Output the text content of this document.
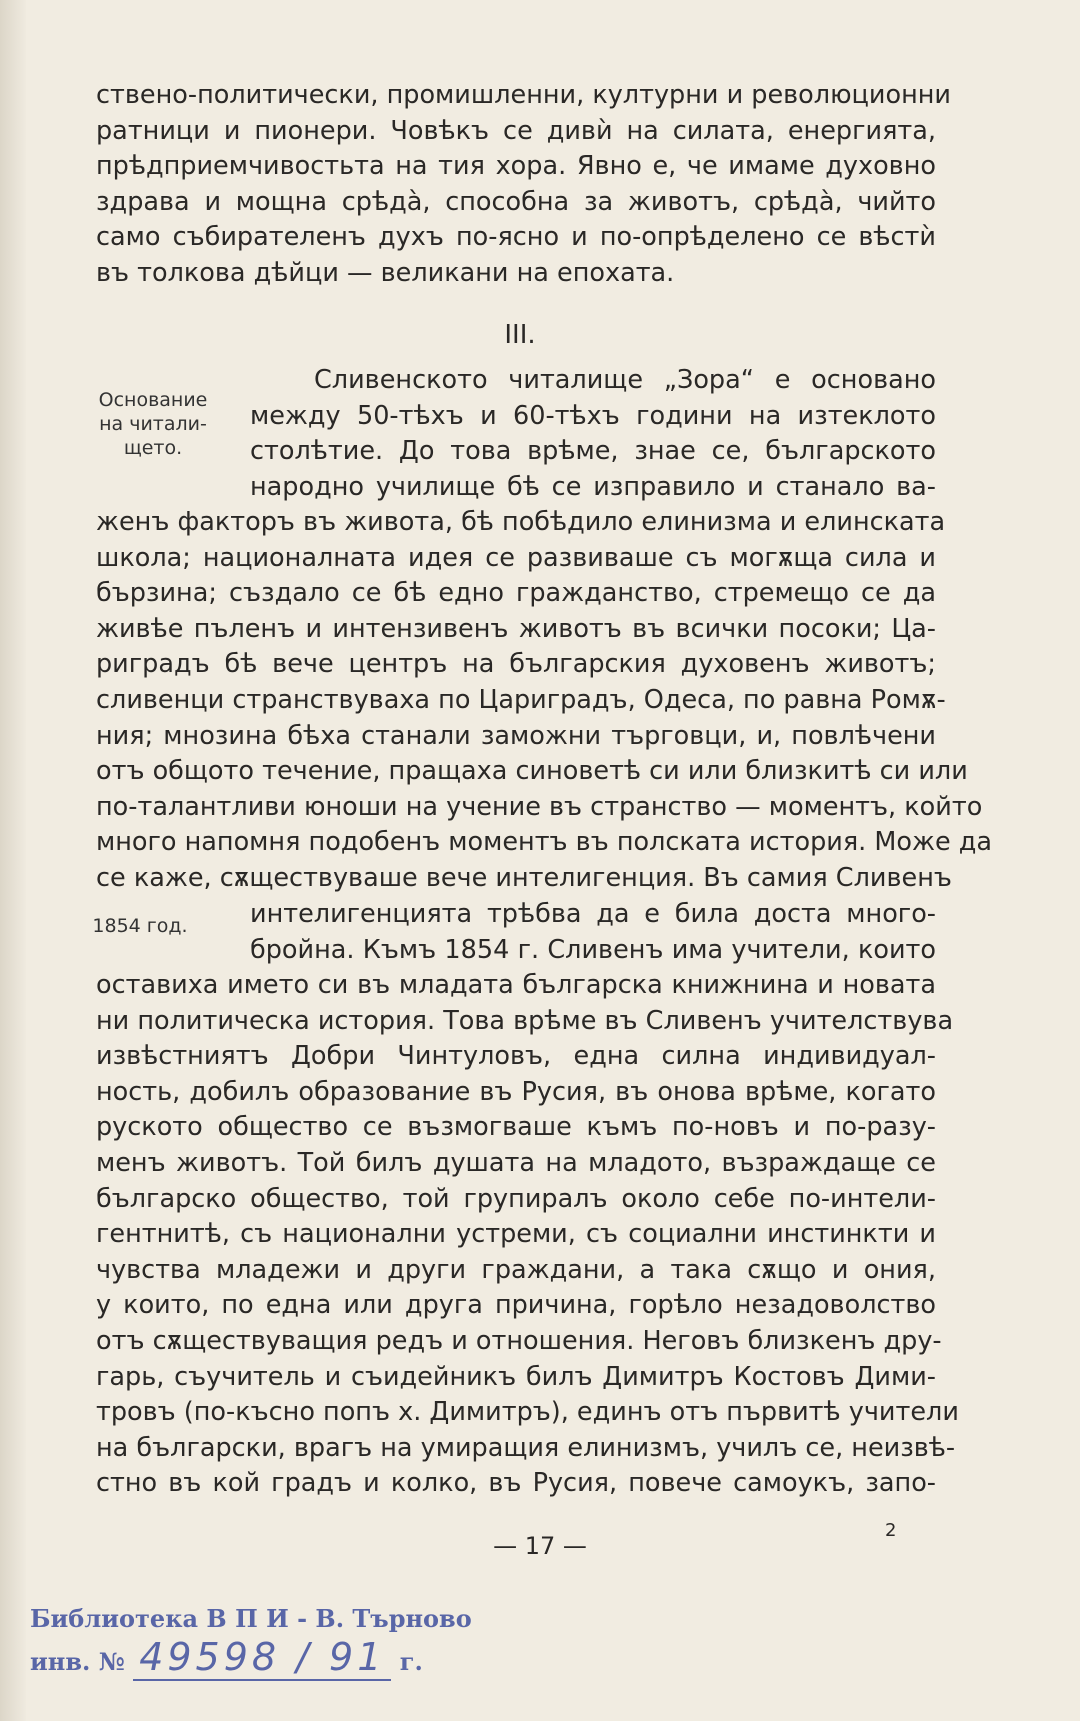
ствено-политически, промишленни, културни и революционни
ратници и пионери. Човѣкъ се дивѝ на силата, енергията,
прѣдприемчивостьта на тия хора. Явно е, че имаме духовно
здрава и мощна срѣдà, способна за животъ, срѣдà, чийто
само събирателенъ духъ по-ясно и по-опрѣделено се вѣстѝ
въ толкова дѣйци — великани на епохата.
III.
Основание
на читали-
щето.
Сливенското читалище „Зора“ е основано
между 50-тѣхъ и 60-тѣхъ години на изтеклото
столѣтие. До това врѣме, знае се, българското
народно училище бѣ се изправило и станало ва-
женъ факторъ въ живота, бѣ побѣдило елинизма и елинската
школа; националната идея се развиваше съ могѫща сила и
бързина; създало се бѣ едно гражданство, стремещо се да
живѣе пъленъ и интензивенъ животъ въ всички посоки; Ца-
риградъ бѣ вече центръ на българския духовенъ животъ;
сливенци странствуваха по Цариградъ, Одеса, по равна Ромѫ-
ния; мнозина бѣха станали заможни търговци, и, повлѣчени
отъ общото течение, пращаха синоветѣ си или близкитѣ си или
по-талантливи юноши на учение въ странство — моментъ, който
много напомня подобенъ моментъ въ полската история. Може да
се каже, сѫществуваше вече интелигенция. Въ самия Сливенъ
1854 год.	интелигенцията трѣбва да е била доста много-
бройна. Къмъ 1854 г. Сливенъ има учители, които
оставиха името си въ младата българска книжнина и новата
ни политическа история. Това врѣме въ Сливенъ учителствува
извѣстниятъ Добри Чинтуловъ, една силна индивидуал-
ность, добилъ образование въ Русия, въ онова врѣме, когато
руското общество се възмогваше къмъ по-новъ и по-разу-
менъ животъ. Той билъ душата на младото, възраждаще се
българско общество, той групиралъ около себе по-интели-
гентнитѣ, съ национални устреми, съ социални инстинкти и
чувства младежи и други граждани, а така сѫщо и ония,
у които, по една или друга причина, горѣло незадоволство
отъ сѫществуващия редъ и отношения. Неговъ близкенъ дру-
гарь, съучитель и съидейникъ билъ Димитръ Костовъ Дими-
тровъ (по-късно попъ х. Димитръ), единъ отъ първитѣ учители
на български, врагъ на умиращия елинизмъ, училъ се, неизвѣ-
стно въ кой градъ и колко, въ Русия, повече самоукъ, запо-
— 17 —
2
Библиотека В П И - В. Търново
инв. № 49598 / 91 г.
